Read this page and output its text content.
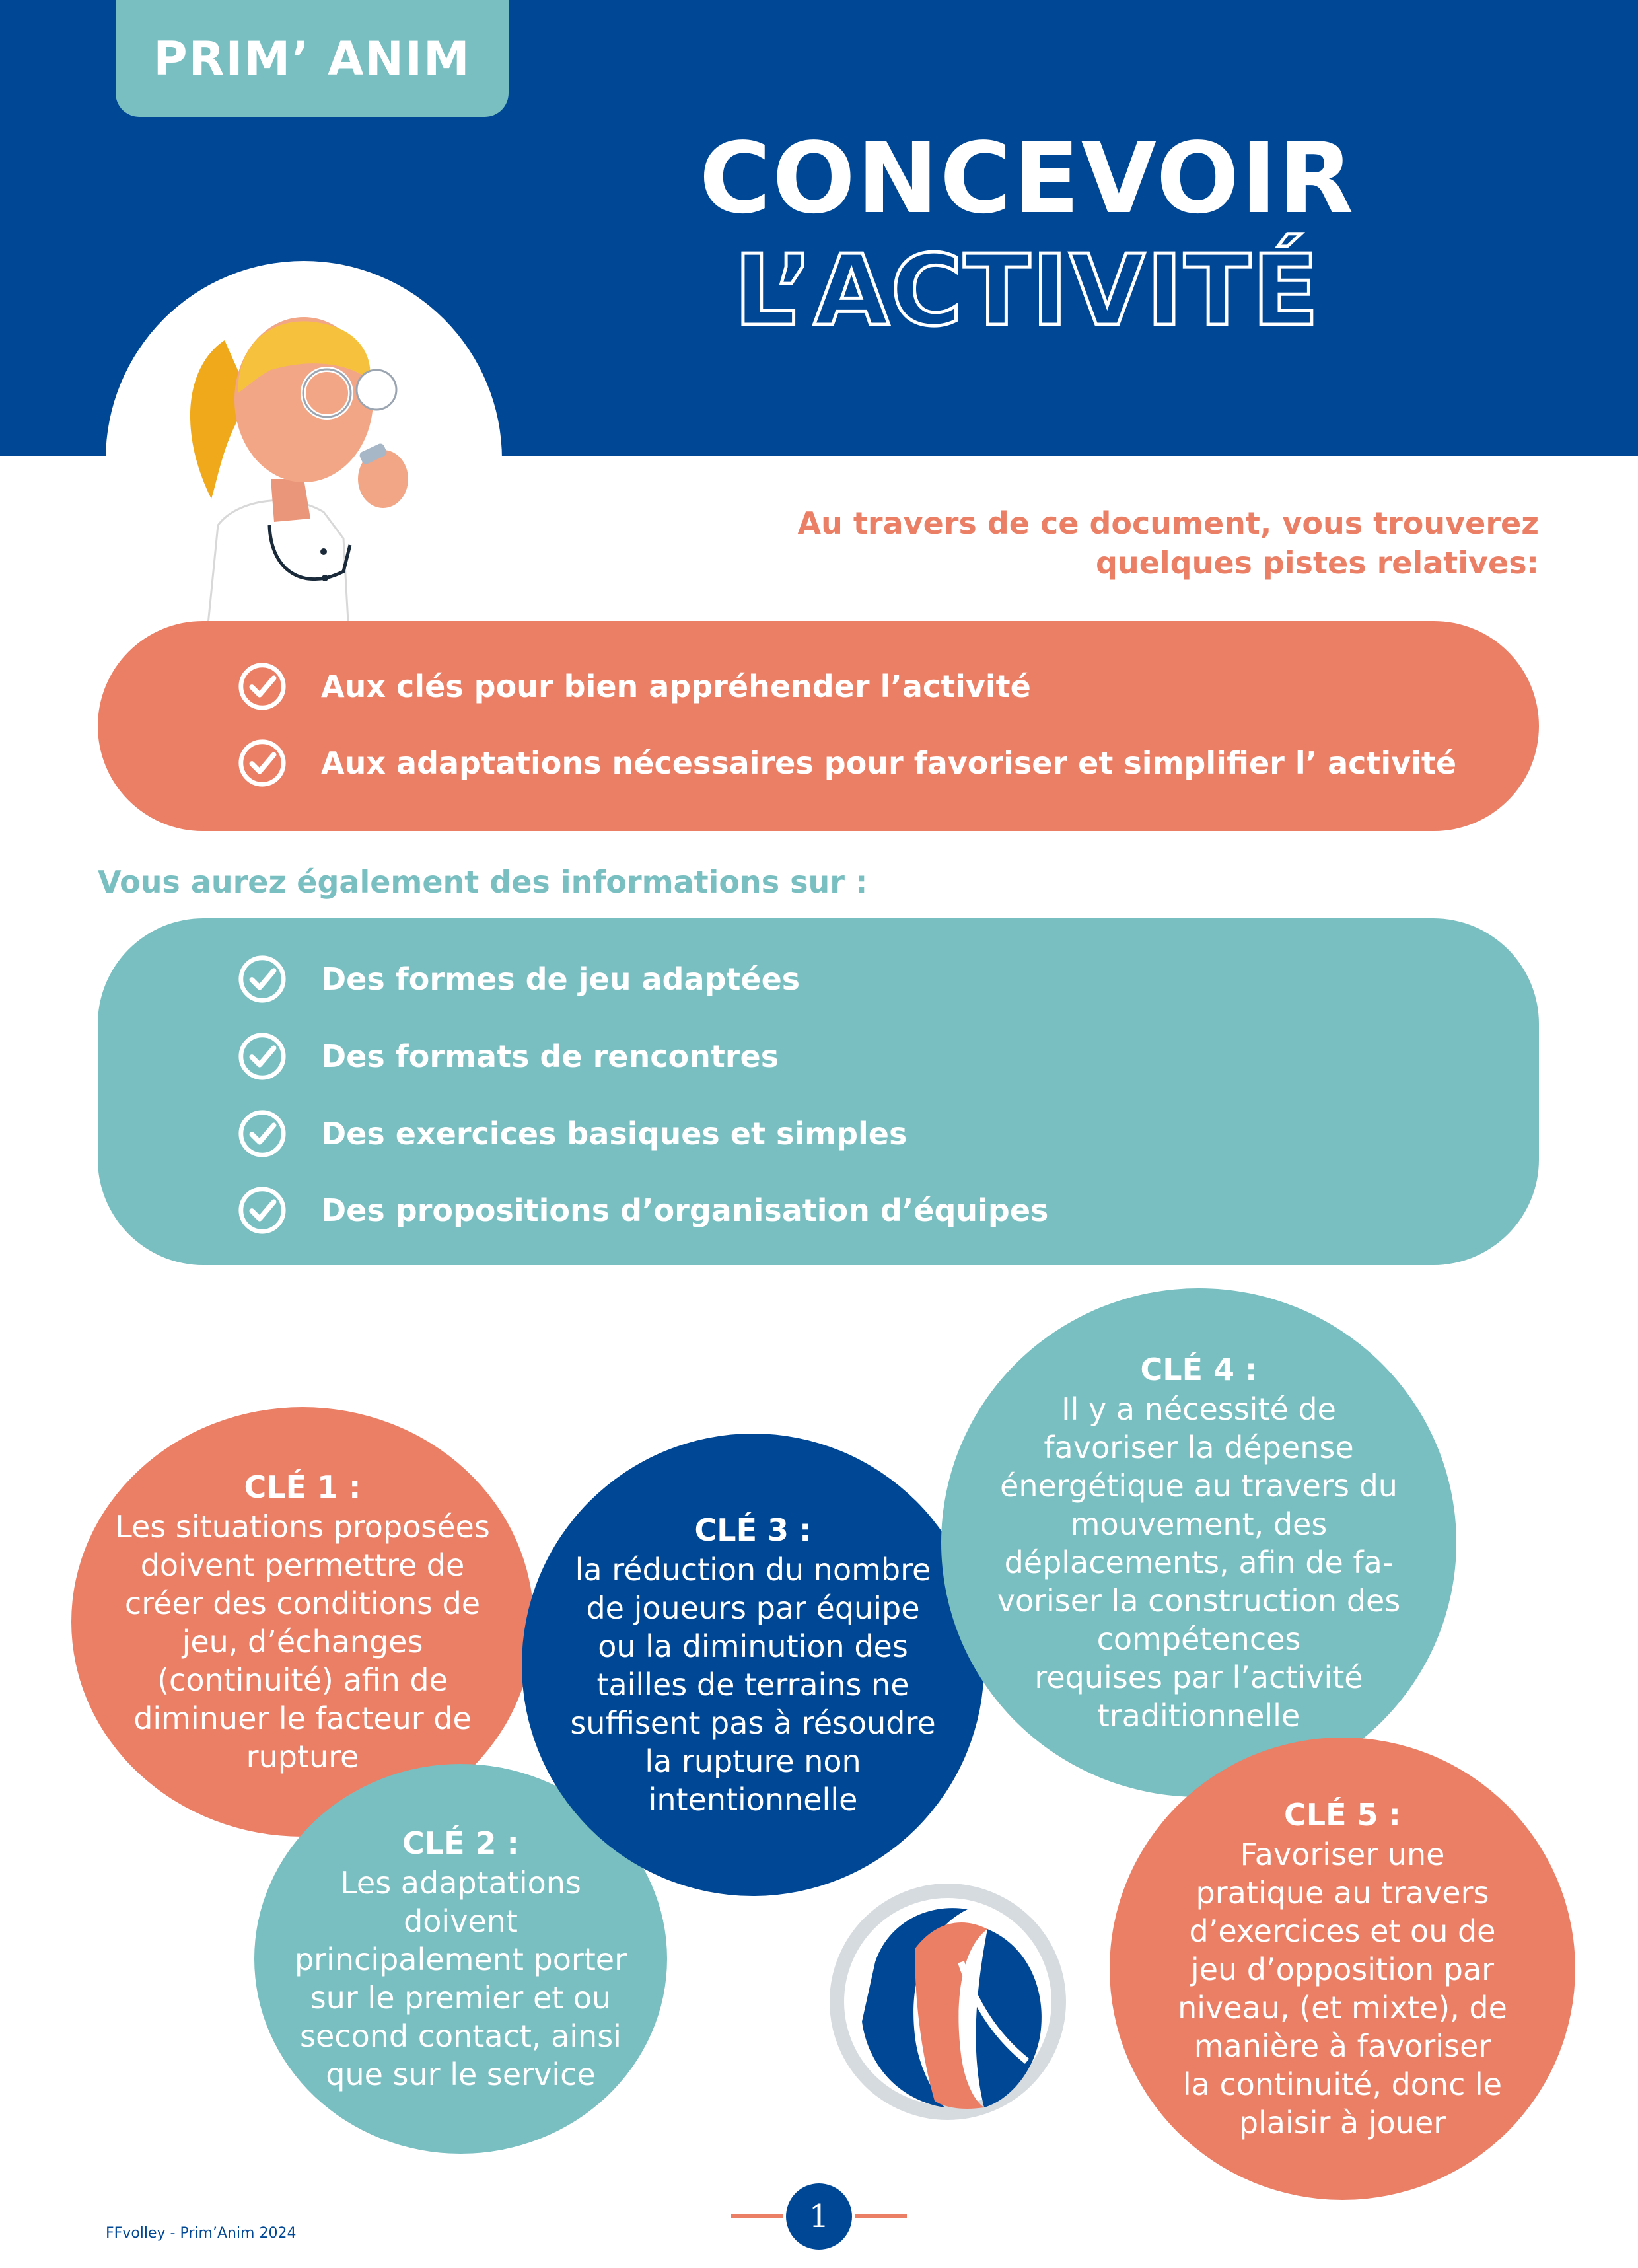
PRIM’ ANIM
CONCEVOIR
L’ACTIVITÉ
Au travers de ce document, vous trouverez
quelques pistes relatives:
Aux clés pour bien appréhender l’activité
Aux adaptations nécessaires pour favoriser et simplifier l’ activité
Vous aurez également des informations sur :
Des formes de jeu adaptées
Des formats de rencontres
Des exercices basiques et simples
Des propositions d’organisation d’équipes
CLÉ 1 :
Les situations proposées
doivent permettre de
créer des conditions de
jeu, d’échanges
(continuité) afin de
diminuer le facteur de
rupture
CLÉ 2 :
Les adaptations
doivent
principalement porter
sur le premier et ou
second contact, ainsi
que sur le service
CLÉ 3 :
la réduction du nombre
de joueurs par équipe
ou la diminution des
tailles de terrains ne
suffisent pas à résoudre
la rupture non
intentionnelle
CLÉ 4 :
Il y a nécessité de
favoriser la dépense
énergétique au travers du
mouvement, des
déplacements, afin de fa-
voriser la construction des
compétences
requises par l’activité
traditionnelle
CLÉ 5 :
Favoriser une
pratique au travers
d’exercices et ou de
jeu d’opposition par
niveau, (et mixte), de
manière à favoriser
la continuité, donc le
plaisir à jouer
FFvolley - Prim’Anim 2024	1
